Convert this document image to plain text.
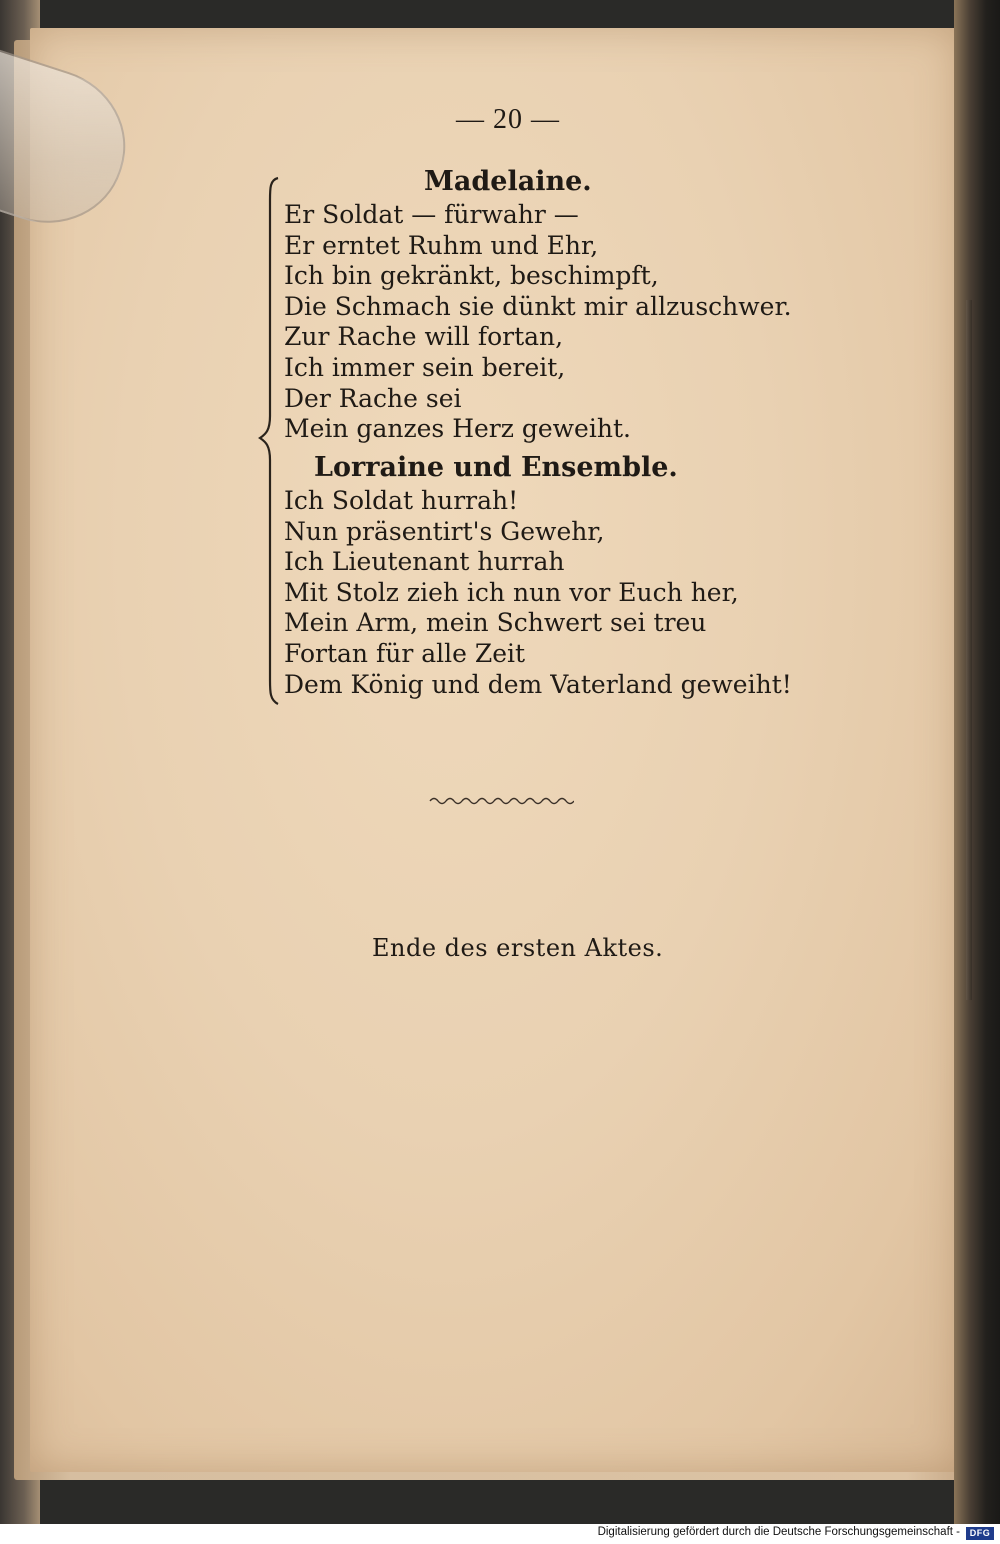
— 20 —
Madelaine.
Er Soldat — fürwahr —
Er erntet Ruhm und Ehr,
Ich bin gekränkt, beschimpft,
Die Schmach sie dünkt mir allzuschwer.
Zur Rache will fortan,
Ich immer sein bereit,
Der Rache sei
Mein ganzes Herz geweiht.
Lorraine und Ensemble.
Ich Soldat hurrah!
Nun präsentirt's Gewehr,
Ich Lieutenant hurrah
Mit Stolz zieh ich nun vor Euch her,
Mein Arm, mein Schwert sei treu
Fortan für alle Zeit
Dem König und dem Vaterland geweiht!
Ende des ersten Aktes.
Digitalisierung gefördert durch die Deutsche Forschungsgemeinschaft -	DFG
